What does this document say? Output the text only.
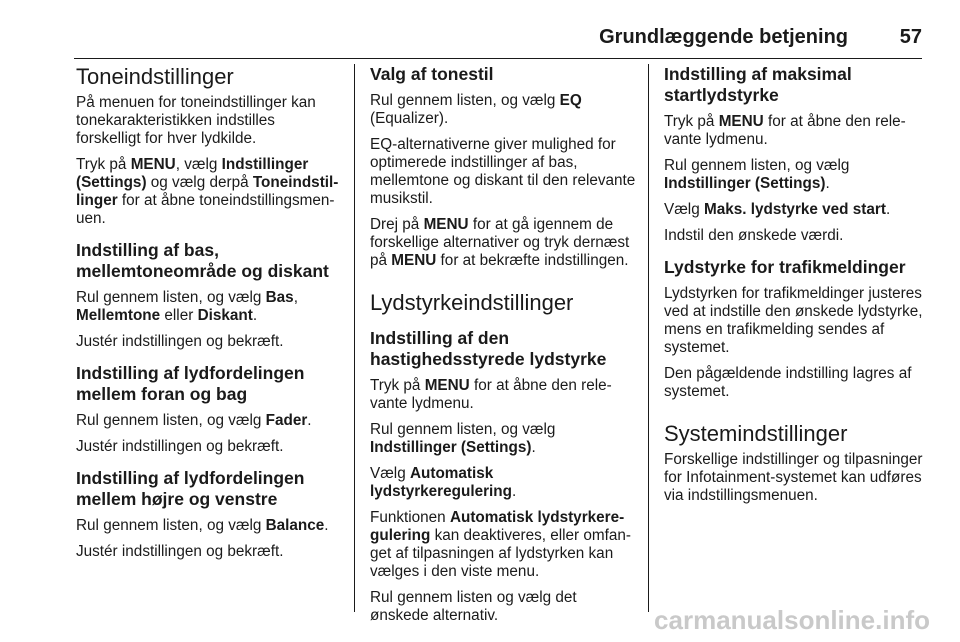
Grundlæggende betjening	57
Toneindstillinger

På menuen for toneindstillinger kan tonekarakteristikken indstilles forskelligt for hver lydkilde.

Tryk på MENU, vælg Indstillinger (Settings) og vælg derpå Toneindstillinger for at åbne toneindstillingsmenuen.

Indstilling af bas, mellemtoneområde og diskant

Rul gennem listen, og vælg Bas, Mellemtone eller Diskant.

Justér indstillingen og bekræft.

Indstilling af lydfordelingen mellem foran og bag

Rul gennem listen, og vælg Fader.

Justér indstillingen og bekræft.

Indstilling af lydfordelingen mellem højre og venstre

Rul gennem listen, og vælg Balance.

Justér indstillingen og bekræft.

Valg af tonestil

Rul gennem listen, og vælg EQ (Equalizer).

EQ-alternativerne giver mulighed for optimerede indstillinger af bas, mellemtone og diskant til den relevante musikstil.

Drej på MENU for at gå igennem de forskellige alternativer og tryk dernæst på MENU for at bekræfte indstillingen.

Lydstyrkeindstillinger
Indstilling af den hastighedsstyrede lydstyrke

Tryk på MENU for at åbne den relevante lydmenu.

Rul gennem listen, og vælg Indstillinger (Settings).

Vælg Automatisk lydstyrkeregulering.

Funktionen Automatisk lydstyrkeregulering kan deaktiveres, eller omfanget af tilpasningen af lydstyrken kan vælges i den viste menu.

Rul gennem listen og vælg det ønskede alternativ.

Indstilling af maksimal startlydstyrke

Tryk på MENU for at åbne den relevante lydmenu.

Rul gennem listen, og vælg Indstillinger (Settings).

Vælg Maks. lydstyrke ved start.

Indstil den ønskede værdi.

Lydstyrke for trafikmeldinger

Lydstyrken for trafikmeldinger justeres ved at indstille den ønskede lydstyrke, mens en trafikmelding sendes af systemet.

Den pågældende indstilling lagres af systemet.

Systemindstillinger

Forskellige indstillinger og tilpasninger for Infotainment-systemet kan udføres via indstillingsmenuen.

carmanualsonline.info
